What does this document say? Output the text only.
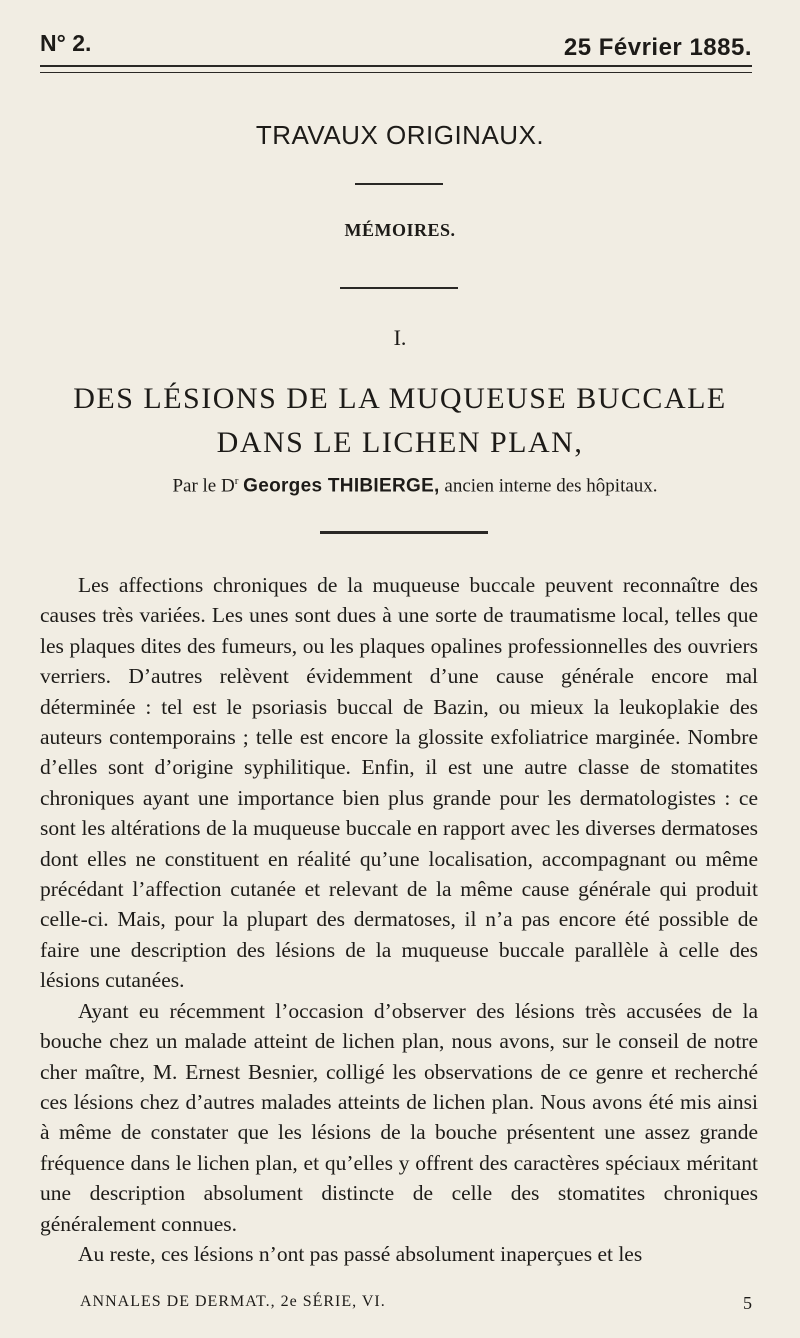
N° 2.	25 Février 1885.
TRAVAUX ORIGINAUX.
MÉMOIRES.
I.
DES LÉSIONS DE LA MUQUEUSE BUCCALE
DANS LE LICHEN PLAN,
Par le $D^r$ Georges THIBIERGE, ancien interne des hôpitaux.

Les affections chroniques de la muqueuse buccale peuvent reconnaître des causes très variées. Les unes sont dues à une sorte de traumatisme local, telles que les plaques dites des fumeurs, ou les plaques opalines professionnelles des ouvriers verriers. D’autres relèvent évidemment d’une cause générale encore mal déterminée : tel est le psoriasis buccal de Bazin, ou mieux la leukoplakie des auteurs contemporains ; telle est encore la glossite exfoliatrice marginée. Nombre d’elles sont d’origine syphilitique. Enfin, il est une autre classe de stomatites chroniques ayant une importance bien plus grande pour les dermatologistes : ce sont les altérations de la muqueuse buccale en rapport avec les diverses dermatoses dont elles ne constituent en réalité qu’une localisation, accompagnant ou même précédant l’affection cutanée et relevant de la même cause générale qui produit celle-ci. Mais, pour la plupart des dermatoses, il n’a pas encore été possible de faire une description des lésions de la muqueuse buccale parallèle à celle des lésions cutanées.

Ayant eu récemment l’occasion d’observer des lésions très accusées de la bouche chez un malade atteint de lichen plan, nous avons, sur le conseil de notre cher maître, M. Ernest Besnier, colligé les observations de ce genre et recherché ces lésions chez d’autres malades atteints de lichen plan. Nous avons été mis ainsi à même de constater que les lésions de la bouche présentent une assez grande fréquence dans le lichen plan, et qu’elles y offrent des caractères spéciaux méritant une description absolument distincte de celle des stomatites chroniques généralement connues.

Au reste, ces lésions n’ont pas passé absolument inaperçues et les

ANNALES DE DERMAT., 2e SÉRIE, VI.	5
